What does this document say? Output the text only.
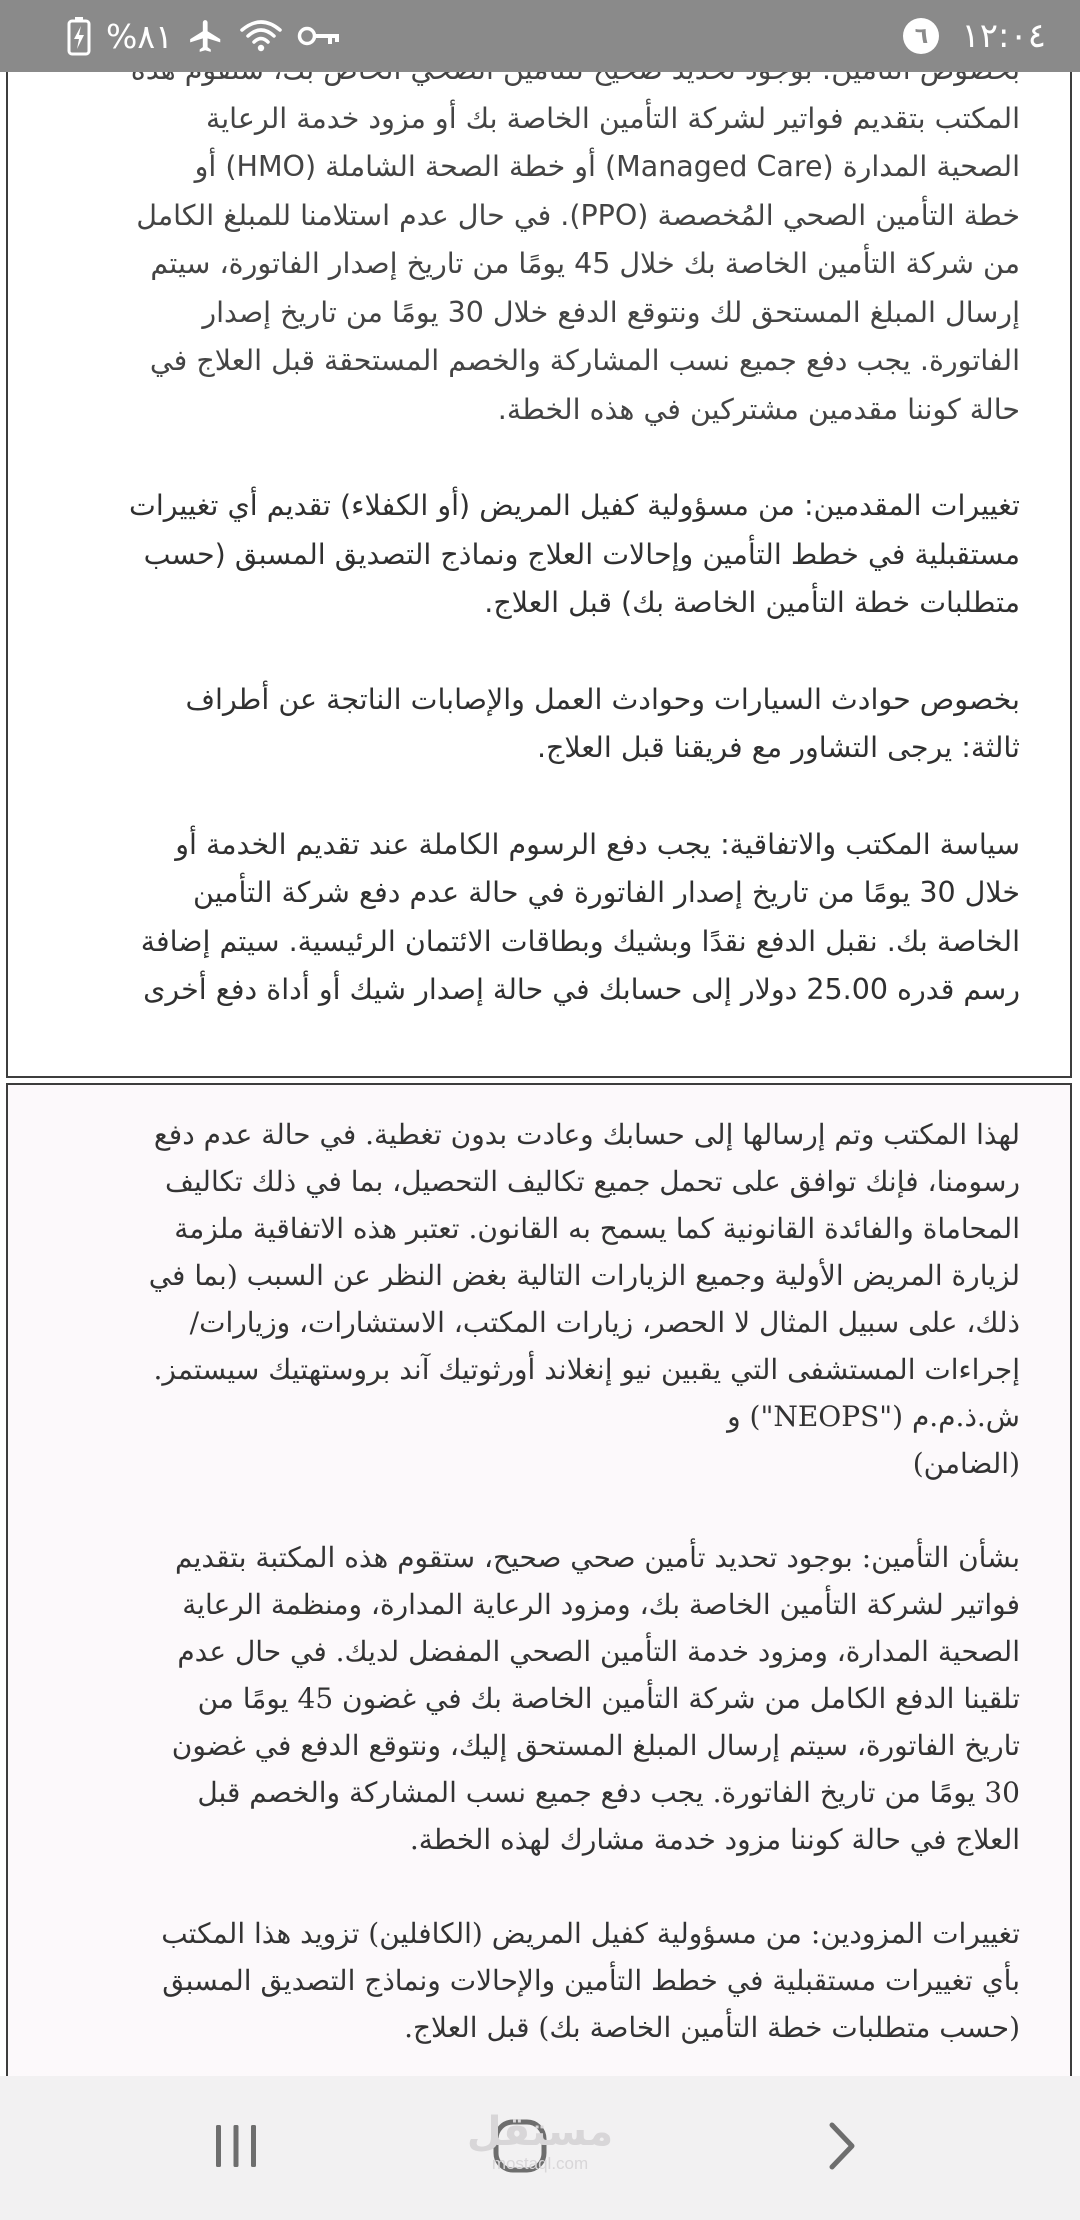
%٨١	٦ ١٢:٠٤

المكتب بتقديم فواتير لشركة التأمين الخاصة بك أو مزود خدمة الرعاية
الصحية المدارة (Managed Care) أو خطة الصحة الشاملة (HMO) أو
خطة التأمين الصحي المُخصصة (PPO). في حال عدم استلامنا للمبلغ الكامل
من شركة التأمين الخاصة بك خلال 45 يومًا من تاريخ إصدار الفاتورة، سيتم
إرسال المبلغ المستحق لك ونتوقع الدفع خلال 30 يومًا من تاريخ إصدار
الفاتورة. يجب دفع جميع نسب المشاركة والخصم المستحقة قبل العلاج في
حالة كوننا مقدمين مشتركين في هذه الخطة.

تغييرات المقدمين: من مسؤولية كفيل المريض (أو الكفلاء) تقديم أي تغييرات
مستقبلية في خطط التأمين وإحالات العلاج ونماذج التصديق المسبق (حسب
متطلبات خطة التأمين الخاصة بك) قبل العلاج.

بخصوص حوادث السيارات وحوادث العمل والإصابات الناتجة عن أطراف
ثالثة: يرجى التشاور مع فريقنا قبل العلاج.

سياسة المكتب والاتفاقية: يجب دفع الرسوم الكاملة عند تقديم الخدمة أو
خلال 30 يومًا من تاريخ إصدار الفاتورة في حالة عدم دفع شركة التأمين
الخاصة بك. نقبل الدفع نقدًا وبشيك وبطاقات الائتمان الرئيسية. سيتم إضافة
رسم قدره 25.00 دولار إلى حسابك في حالة إصدار شيك أو أداة دفع أخرى

لهذا المكتب وتم إرسالها إلى حسابك وعادت بدون تغطية. في حالة عدم دفع
رسومنا، فإنك توافق على تحمل جميع تكاليف التحصيل، بما في ذلك تكاليف
المحاماة والفائدة القانونية كما يسمح به القانون. تعتبر هذه الاتفاقية ملزمة
لزيارة المريض الأولية وجميع الزيارات التالية بغض النظر عن السبب (بما في
ذلك، على سبيل المثال لا الحصر، زيارات المكتب، الاستشارات، وزيارات/
إجراءات المستشفى التي يقبين نيو إنغلاند أورثوتيك آند بروستهتيك سيستمز.
ش.ذ.م.م ("NEOPS") و
(الضامن)

بشأن التأمين: بوجود تحديد تأمين صحي صحيح، ستقوم هذه المكتبة بتقديم
فواتير لشركة التأمين الخاصة بك، ومزود الرعاية المدارة، ومنظمة الرعاية
الصحية المدارة، ومزود خدمة التأمين الصحي المفضل لديك. في حال عدم
تلقينا الدفع الكامل من شركة التأمين الخاصة بك في غضون 45 يومًا من
تاريخ الفاتورة، سيتم إرسال المبلغ المستحق إليك، ونتوقع الدفع في غضون
30 يومًا من تاريخ الفاتورة. يجب دفع جميع نسب المشاركة والخصم قبل
العلاج في حالة كوننا مزود خدمة مشارك لهذه الخطة.

تغييرات المزودين: من مسؤولية كفيل المريض (الكافلين) تزويد هذا المكتب
بأي تغييرات مستقبلية في خطط التأمين والإحالات ونماذج التصديق المسبق
(حسب متطلبات خطة التأمين الخاصة بك) قبل العلاج.

مستقل
mostaql.com
